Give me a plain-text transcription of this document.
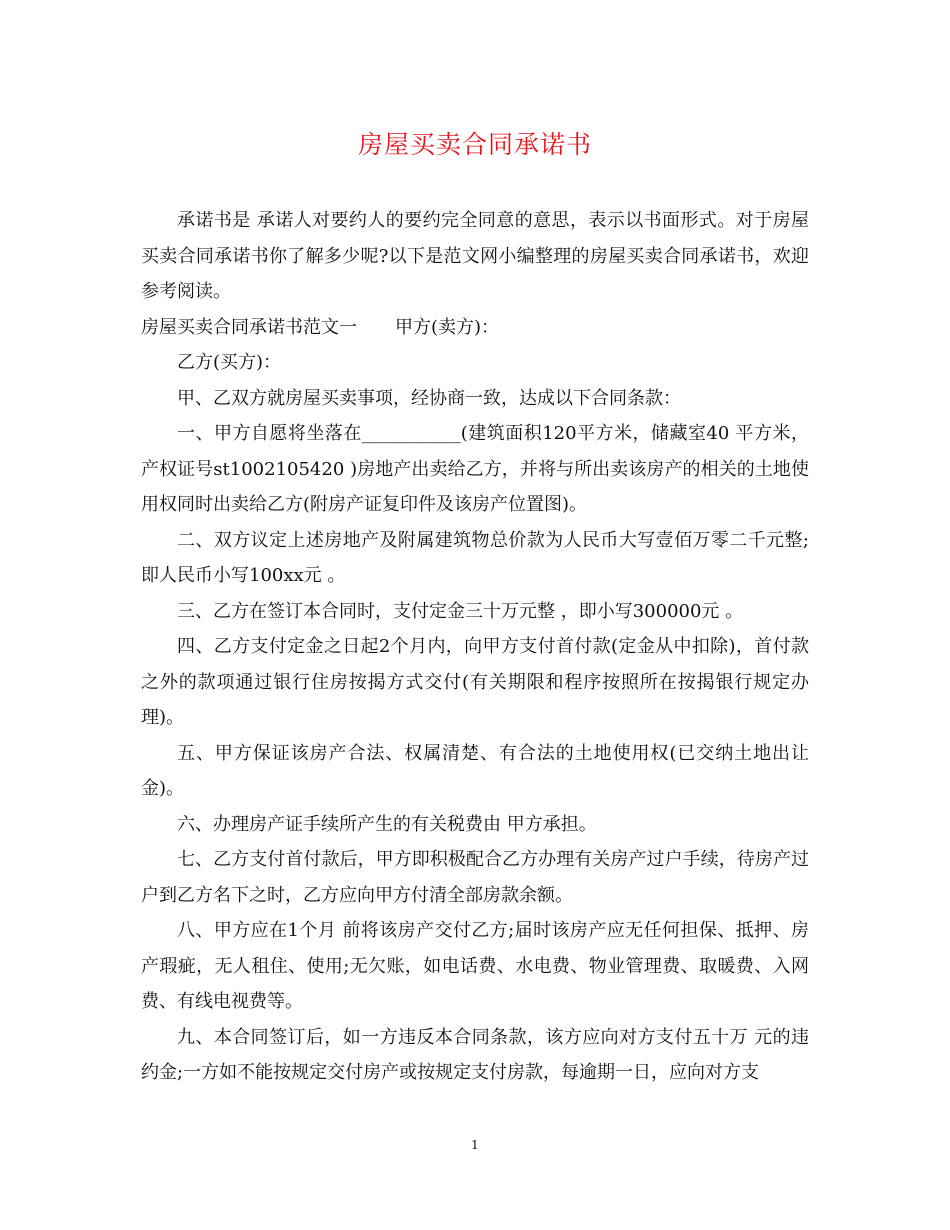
房屋买卖合同承诺书

承诺书是 承诺人对要约人的要约完全同意的意思，表示以书面形式。对于房屋买卖合同承诺书你了解多少呢?以下是范文网小编整理的房屋买卖合同承诺书，欢迎参考阅读。

房屋买卖合同承诺书范文一 甲方(卖方)：

乙方(买方)：

甲、乙双方就房屋买卖事项，经协商一致，达成以下合同条款：

一、甲方自愿将坐落在___________(建筑面积120平方米，储藏室40 平方米，产权证号st1002105420 )房地产出卖给乙方，并将与所出卖该房产的相关的土地使用权同时出卖给乙方(附房产证复印件及该房产位置图)。

二、双方议定上述房地产及附属建筑物总价款为人民币大写壹佰万零二千元整;即人民币小写100xx元 。

三、乙方在签订本合同时，支付定金三十万元整 ，即小写300000元 。

四、乙方支付定金之日起2个月内，向甲方支付首付款(定金从中扣除)，首付款之外的款项通过银行住房按揭方式交付(有关期限和程序按照所在按揭银行规定办理)。

五、甲方保证该房产合法、权属清楚、有合法的土地使用权(已交纳土地出让金)。

六、办理房产证手续所产生的有关税费由 甲方承担。

七、乙方支付首付款后，甲方即积极配合乙方办理有关房产过户手续，待房产过户到乙方名下之时，乙方应向甲方付清全部房款余额。

八、甲方应在1个月 前将该房产交付乙方;届时该房产应无任何担保、抵押、房产瑕疵，无人租住、使用;无欠账，如电话费、水电费、物业管理费、取暖费、入网费、有线电视费等。

九、本合同签订后，如一方违反本合同条款，该方应向对方支付五十万 元的违约金;一方如不能按规定交付房产或按规定支付房款，每逾期一日，应向对方支

1
